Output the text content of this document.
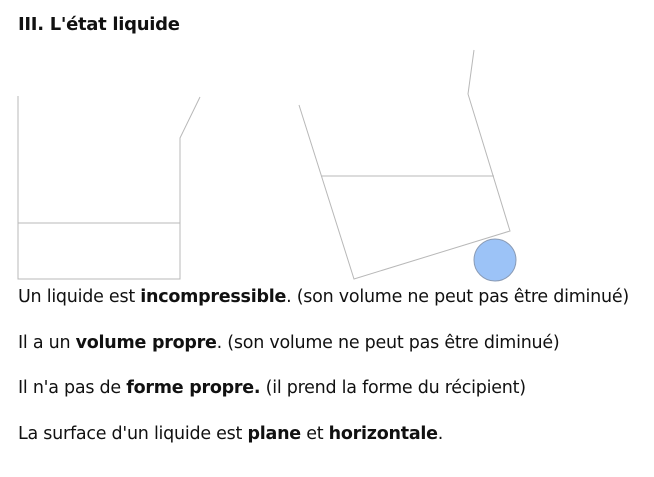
III. L'état liquide
Un liquide est incompressible. (son volume ne peut pas être diminué)
Il a un volume propre. (son volume ne peut pas être diminué)
Il n'a pas de forme propre. (il prend la forme du récipient)
La surface d'un liquide est plane et horizontale.
